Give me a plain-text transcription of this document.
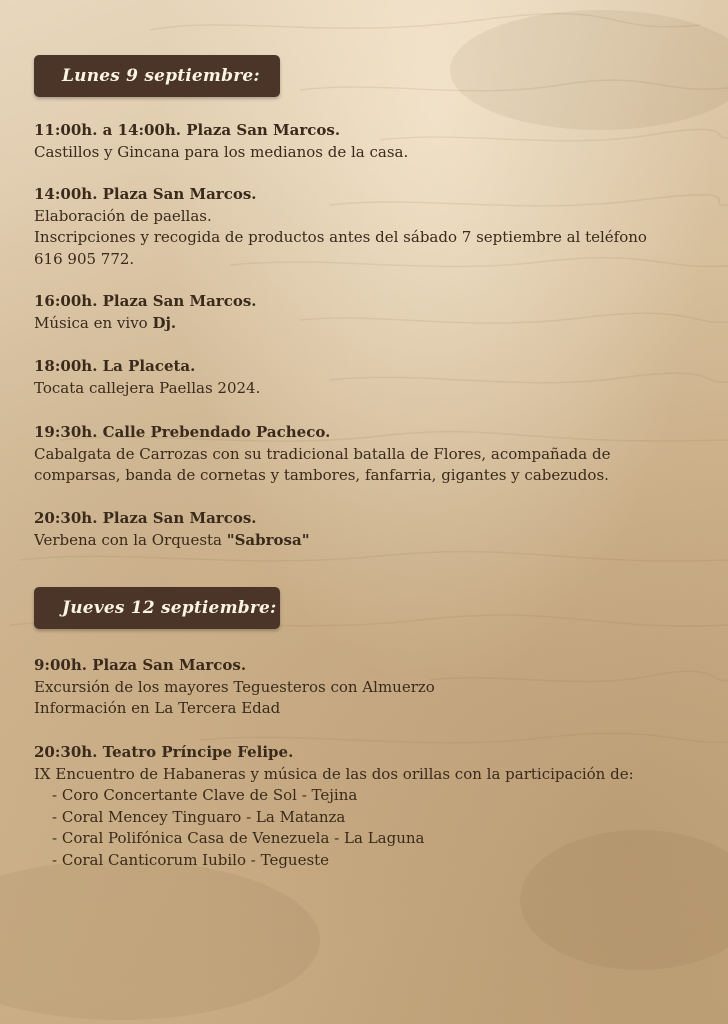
Lunes 9 septiembre:
11:00h. a 14:00h. Plaza San Marcos.
Castillos y Gincana para los medianos de la casa.
14:00h. Plaza San Marcos.
Elaboración de paellas.
Inscripciones y recogida de productos antes del sábado 7 septiembre al teléfono
616 905 772.
16:00h. Plaza San Marcos.
Música en vivo Dj.
18:00h. La Placeta.
Tocata callejera Paellas 2024.
19:30h. Calle Prebendado Pacheco.
Cabalgata de Carrozas con su tradicional batalla de Flores, acompañada de
comparsas, banda de cornetas y tambores, fanfarria, gigantes y cabezudos.
20:30h. Plaza San Marcos.
Verbena con la Orquesta "Sabrosa"
Jueves 12 septiembre:
9:00h. Plaza San Marcos.
Excursión de los mayores Teguesteros con Almuerzo
Información en La Tercera Edad
20:30h. Teatro Príncipe Felipe.
IX Encuentro de Habaneras y música de las dos orillas con la participación de:
- Coro Concertante Clave de Sol - Tejina
- Coral Mencey Tinguaro - La Matanza
- Coral Polifónica Casa de Venezuela - La Laguna
- Coral Canticorum Iubilo - Tegueste
